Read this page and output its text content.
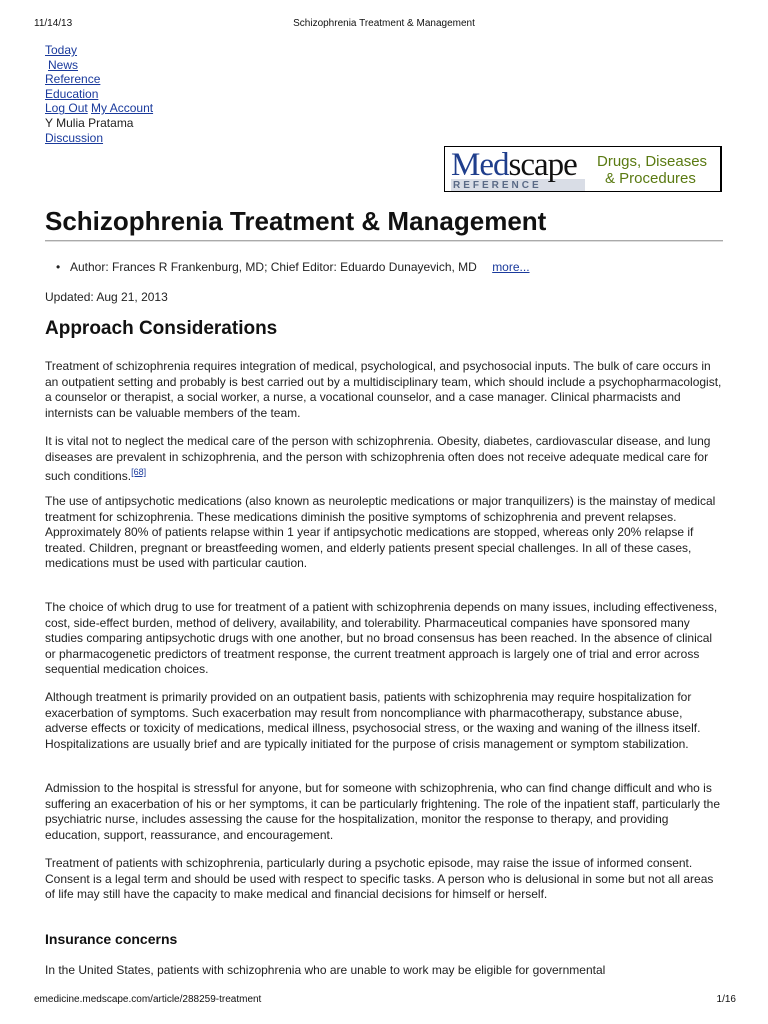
11/14/13	Schizophrenia Treatment & Management
Today
News
Reference
Education
Log Out My Account
Y Mulia Pratama
Discussion
Medscape
REFERENCE
Drugs, Diseases
& Procedures
Schizophrenia Treatment & Management
• Author: Frances R Frankenburg, MD; Chief Editor: Eduardo Dunayevich, MD more...
Updated: Aug 21, 2013
Approach Considerations

Treatment of schizophrenia requires integration of medical, psychological, and psychosocial inputs. The bulk of care occurs in an outpatient setting and probably is best carried out by a multidisciplinary team, which should include a psychopharmacologist, a counselor or therapist, a social worker, a nurse, a vocational counselor, and a case manager. Clinical pharmacists and internists can be valuable members of the team.

It is vital not to neglect the medical care of the person with schizophrenia. Obesity, diabetes, cardiovascular disease, and lung diseases are prevalent in schizophrenia, and the person with schizophrenia often does not receive adequate medical care for such conditions.[68]

The use of antipsychotic medications (also known as neuroleptic medications or major tranquilizers) is the mainstay of medical treatment for schizophrenia. These medications diminish the positive symptoms of schizophrenia and prevent relapses. Approximately 80% of patients relapse within 1 year if antipsychotic medications are stopped, whereas only 20% relapse if treated. Children, pregnant or breastfeeding women, and elderly patients present special challenges. In all of these cases, medications must be used with particular caution.

The choice of which drug to use for treatment of a patient with schizophrenia depends on many issues, including effectiveness, cost, side-effect burden, method of delivery, availability, and tolerability. Pharmaceutical companies have sponsored many studies comparing antipsychotic drugs with one another, but no broad consensus has been reached. In the absence of clinical or pharmacogenetic predictors of treatment response, the current treatment approach is largely one of trial and error across sequential medication choices.

Although treatment is primarily provided on an outpatient basis, patients with schizophrenia may require hospitalization for exacerbation of symptoms. Such exacerbation may result from noncompliance with pharmacotherapy, substance abuse, adverse effects or toxicity of medications, medical illness, psychosocial stress, or the waxing and waning of the illness itself. Hospitalizations are usually brief and are typically initiated for the purpose of crisis management or symptom stabilization.

Admission to the hospital is stressful for anyone, but for someone with schizophrenia, who can find change difficult and who is suffering an exacerbation of his or her symptoms, it can be particularly frightening. The role of the inpatient staff, particularly the psychiatric nurse, includes assessing the cause for the hospitalization, monitor the response to therapy, and providing education, support, reassurance, and encouragement.

Treatment of patients with schizophrenia, particularly during a psychotic episode, may raise the issue of informed consent. Consent is a legal term and should be used with respect to specific tasks. A person who is delusional in some but not all areas of life may still have the capacity to make medical and financial decisions for himself or herself.

Insurance concerns

In the United States, patients with schizophrenia who are unable to work may be eligible for governmental

emedicine.medscape.com/article/288259-treatment	1/16
